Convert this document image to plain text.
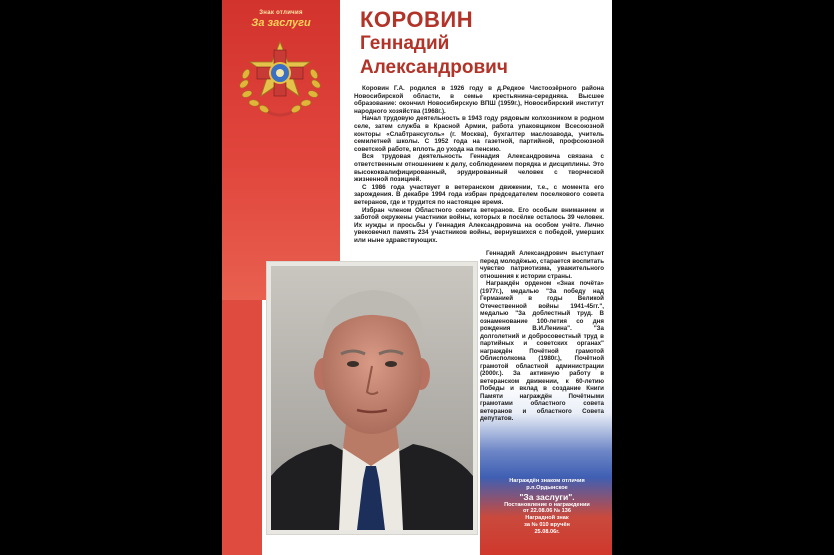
Знак отличия
За заслуги	КОРОВИН
Геннадий
Александрович

Коровин Г.А. родился в 1926 году в д.Редкое Чистоозёрного района Новосибирской области, в семье крестьянина-середняка. Высшее образование: окончил Новосибирскую ВПШ (1959г.), Новосибирский институт народного хозяйства (1968г.).

Начал трудовую деятельность в 1943 году рядовым колхозником в родном селе, затем служба в Красной Армии, работа упаковщиком Всесоюзной конторы «Слабтрансуголь» (г. Москва), бухгалтер маслозавода, учитель семилетней школы. С 1952 года на газетной, партийной, профсоюзной советской работе, вплоть до ухода на пенсию.

Вся трудовая деятельность Геннадия Александровича связана с ответственным отношением к делу, соблюдением порядка и дисциплины. Это высококвалифицированный, эрудированный человек с творческой жизненной позицией.

С 1986 года участвует в ветеранском движении, т.е., с момента его зарождения. В декабре 1994 года избран председателем поселкового совета ветеранов, где и трудится по настоящее время.

Избран членом Областного совета ветеранов. Его особым вниманием и заботой окружены участники войны, которых в посёлке осталось 39 человек. Их нужды и просьбы у Геннадия Александровича на особом учёте. Лично увековечил память 234 участников войны, вернувшихся с победой, умерших или ныне здравствующих.

Геннадий Александрович выступает перед молодёжью, старается воспитать чувство патриотизма, уважительного отношения к истории страны.

Награждён орденом «Знак почёта» (1977г.), медалью "За победу над Германией в годы Великой Отечественной войны 1941-45гг.", медалью "За доблестный труд. В ознаменование 100-летия со дня рождения В.И.Ленина". "За долголетний и добросовестный труд в партийных и советских органах" награждён Почётной грамотой Облисполкома (1980г.), Почётной грамотой областной администрации (2000г.). За активную работу в ветеранском движении, к 60-летию Победы и вклад в создание Книги Памяти награждён Почётными грамотами областного совета ветеранов и областного Совета депутатов.

Награждён знаком отличия
р.п.Ордынское
"За заслуги".
Постановление о награждении
от 22.08.06 № 136
Наградной знак
за № 010 вручён
25.08.06г.
